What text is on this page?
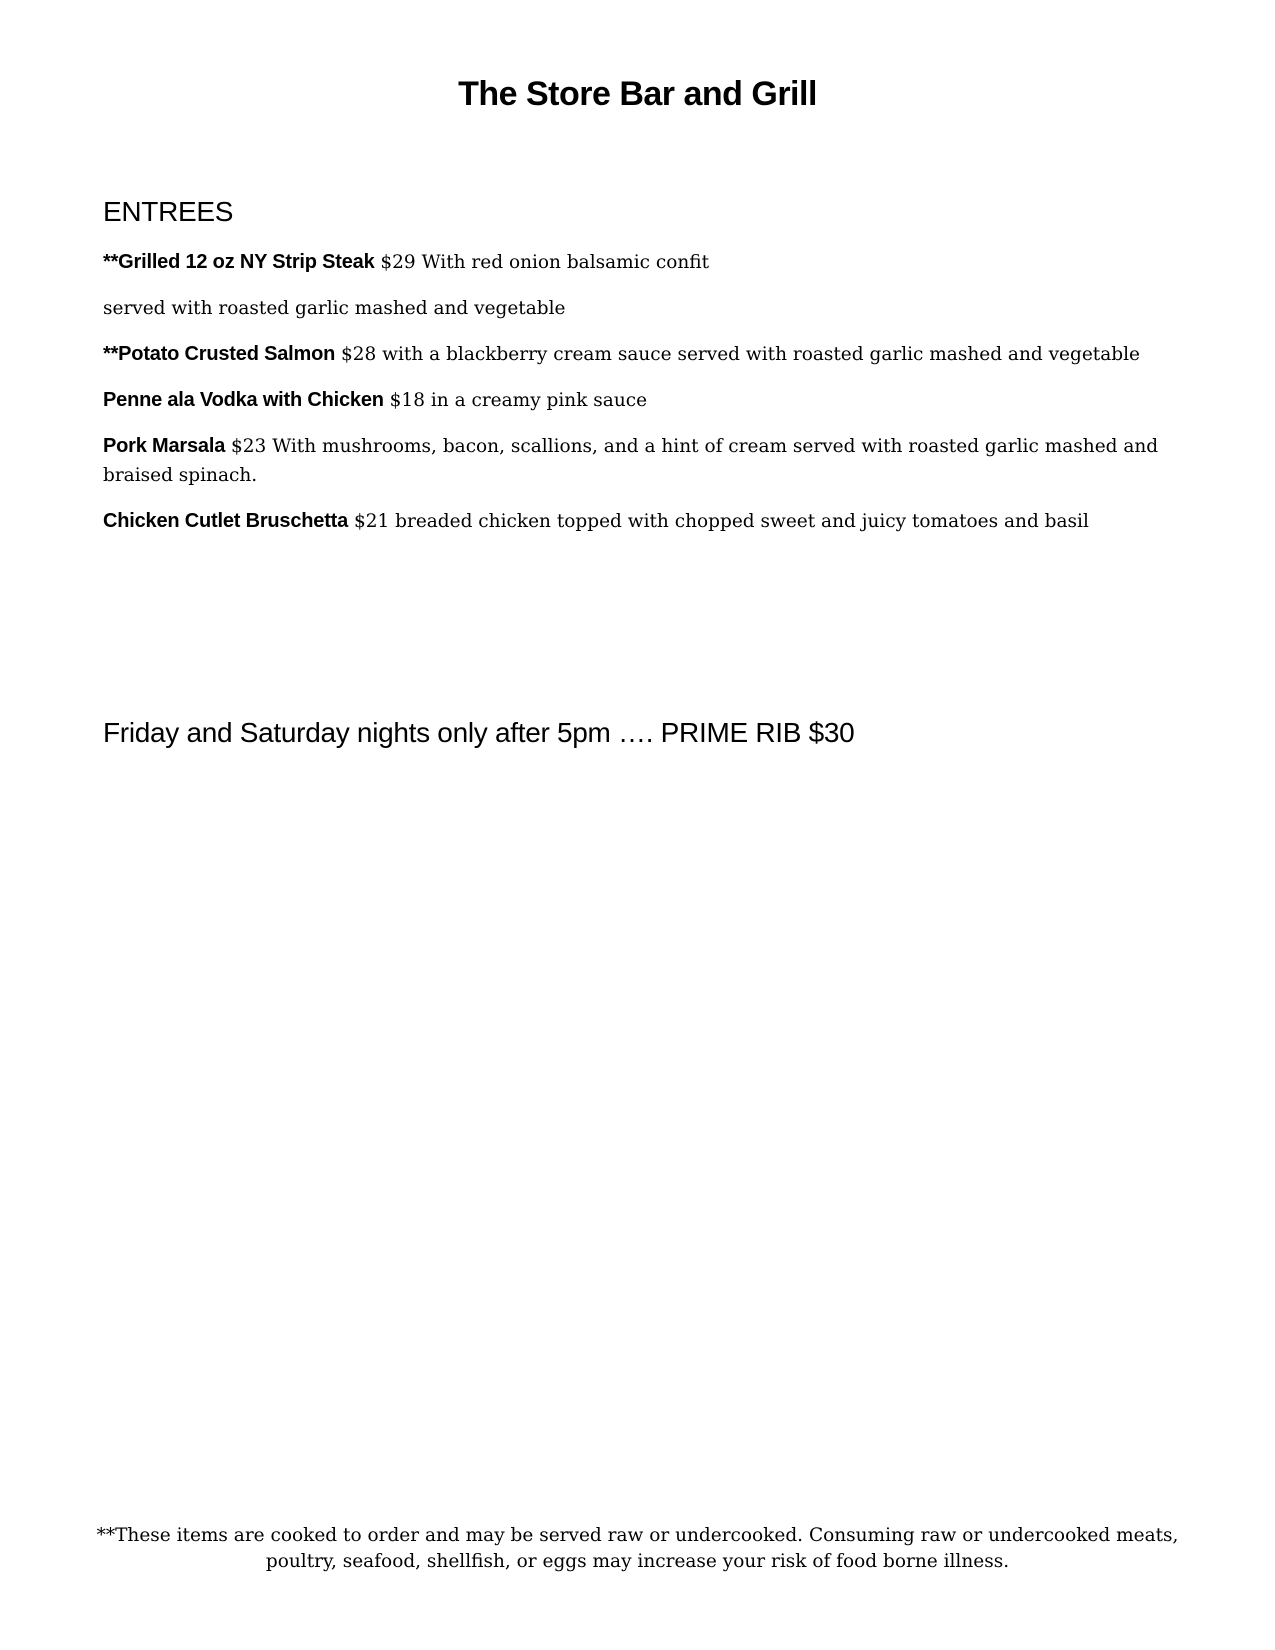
The Store Bar and Grill
ENTREES

**Grilled 12 oz NY Strip Steak $29 With red onion balsamic confit

served with roasted garlic mashed and vegetable

**Potato Crusted Salmon $28 with a blackberry cream sauce served with roasted garlic mashed and vegetable

Penne ala Vodka with Chicken $18 in a creamy pink sauce

Pork Marsala $23 With mushrooms, bacon, scallions, and a hint of cream served with roasted garlic mashed and braised spinach.

Chicken Cutlet Bruschetta $21 breaded chicken topped with chopped sweet and juicy tomatoes and basil

Friday and Saturday nights only after 5pm …. PRIME RIB $30

**These items are cooked to order and may be served raw or undercooked. Consuming raw or undercooked meats, poultry, seafood, shellfish, or eggs may increase your risk of food borne illness.
